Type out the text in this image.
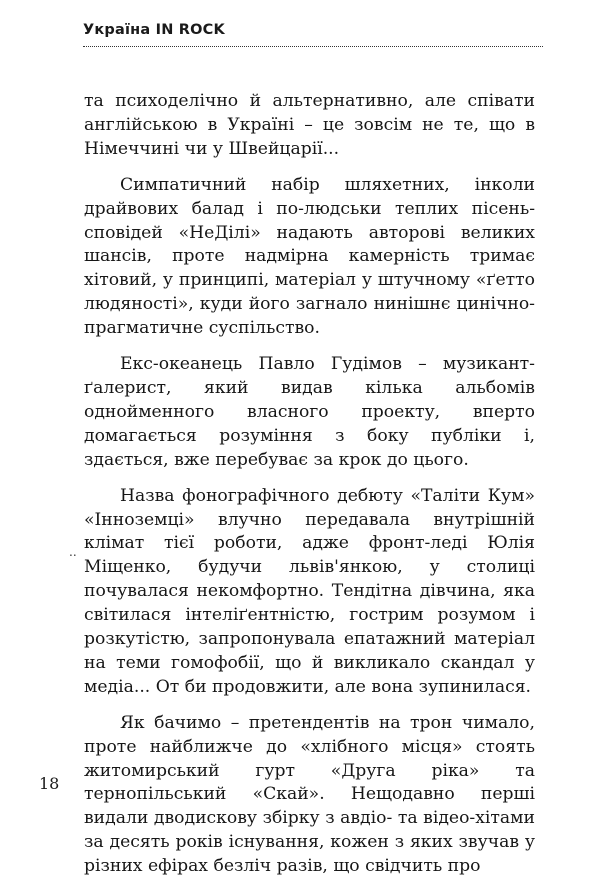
Україна IN ROCK

та психоделічно й альтернативно, але співати англійською в Україні – це зовсім не те, що в Німеччині чи у Швейцарії...

Симпатичний набір шляхетних, інколи драйвових балад і по-людськи теплих пісень-сповідей «НеДілі» надають авторові великих шансів, проте надмірна камерність тримає хітовий, у принципі, матеріал у штучному «ґетто людяності», куди його загнало нинішнє цинічно-прагматичне суспільство.

Екс-океанець Павло Гудімов – музикант-ґалерист, який видав кілька альбомів однойменного власного проекту, вперто домагається розуміння з боку публіки і, здається, вже перебуває за крок до цього.

Назва фонографічного дебюту «Таліти Кум» «Інноземці» влучно передавала внутрішній клімат тієї роботи, адже фронт-леді Юлія Міщенко, будучи львів'янкою, у столиці почувалася некомфортно. Тендітна дівчина, яка світилася інтеліґентністю, гострим розумом і розкутістю, запропонувала епатажний матеріал на теми гомофобії, що й викликало скандал у медіа... От би продовжити, але вона зупинилася.

Як бачимо – претендентів на трон чимало, проте найближче до «хлібного місця» стоять житомирський гурт «Друга ріка» та тернопільський «Скай». Нещодавно перші видали дводискову збірку з авдіо- та відео-хітами за десять років існування, кожен з яких звучав у різних ефірах безліч разів, що свідчить про

..
18
